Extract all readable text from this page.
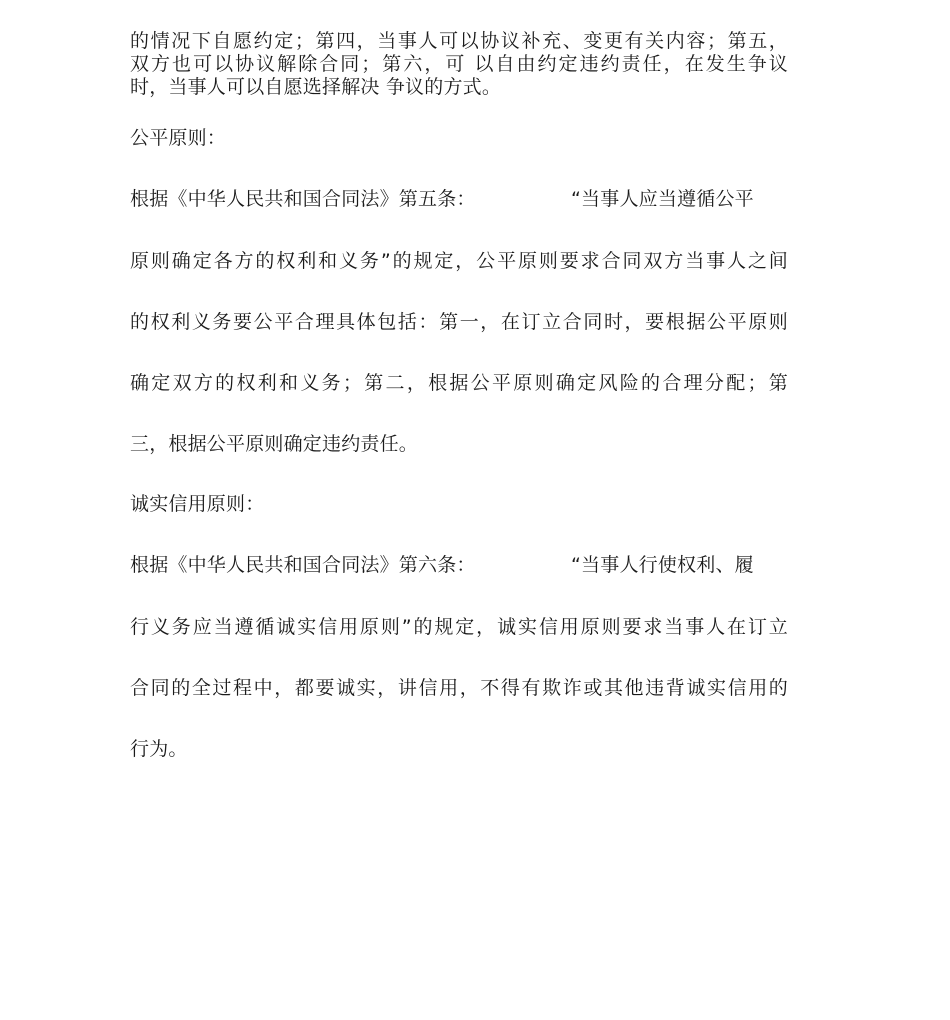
的情况下自愿约定；第四，当事人可以协议补充、变更有关内容；第五，
双方也可以协议解除合同；第六，可 以自由约定违约责任，在发生争议
时，当事人可以自愿选择解决 争议的方式。
公平原则：
根据《中华人民共和国合同法》第五条：	“当事人应当遵循公平
原则确定各方的权利和义务”的规定，公平原则要求合同双方当事人之间
的权利义务要公平合理具体包括：第一，在订立合同时，要根据公平原则
确定双方的权利和义务；第二，根据公平原则确定风险的合理分配；第
三，根据公平原则确定违约责任。
诚实信用原则：
根据《中华人民共和国合同法》第六条：	“当事人行使权利、履
行义务应当遵循诚实信用原则”的规定，诚实信用原则要求当事人在订立
合同的全过程中，都要诚实，讲信用，不得有欺诈或其他违背诚实信用的
行为。
